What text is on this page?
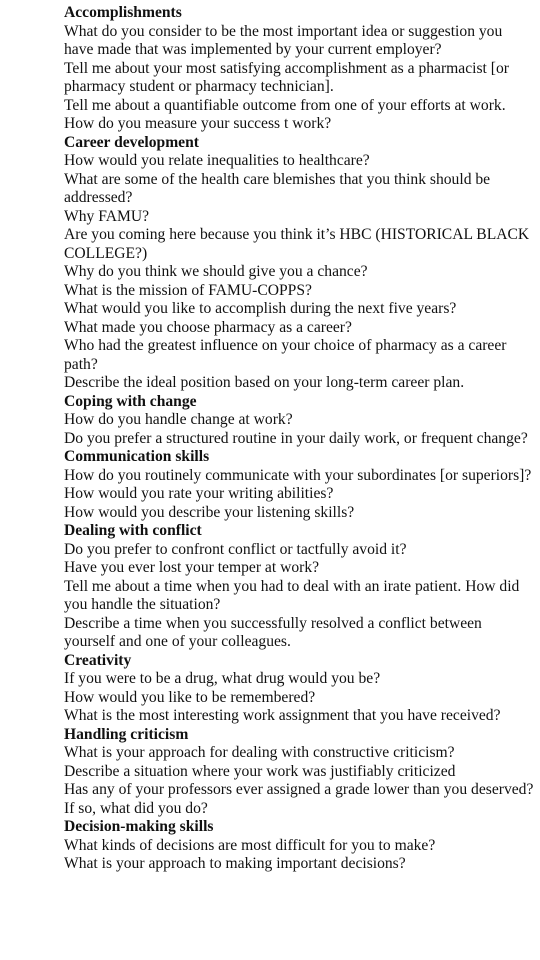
Accomplishments
What do you consider to be the most important idea or suggestion you have made that was implemented by your current employer?
Tell me about your most satisfying accomplishment as a pharmacist [or pharmacy student or pharmacy technician].
Tell me about a quantifiable outcome from one of your efforts at work.
How do you measure your success t work?
Career development
How would you relate inequalities to healthcare?
What are some of the health care blemishes that you think should be addressed?
Why FAMU?
Are you coming here because you think it’s HBC (HISTORICAL BLACK COLLEGE?)
Why do you think we should give you a chance?
What is the mission of FAMU-COPPS?
What would you like to accomplish during the next five years?
What made you choose pharmacy as a career?
Who had the greatest influence on your choice of pharmacy as a career path?
Describe the ideal position based on your long-term career plan.
Coping with change
How do you handle change at work?
Do you prefer a structured routine in your daily work, or frequent change?
Communication skills
How do you routinely communicate with your subordinates [or superiors]?
How would you rate your writing abilities?
How would you describe your listening skills?
Dealing with conflict
Do you prefer to confront conflict or tactfully avoid it?
Have you ever lost your temper at work?
Tell me about a time when you had to deal with an irate patient. How did you handle the situation?
Describe a time when you successfully resolved a conflict between yourself and one of your colleagues.
Creativity
If you were to be a drug, what drug would you be?
How would you like to be remembered?
What is the most interesting work assignment that you have received?
Handling criticism
What is your approach for dealing with constructive criticism?
Describe a situation where your work was justifiably criticized
Has any of your professors ever assigned a grade lower than you deserved? If so, what did you do?
Decision-making skills
What kinds of decisions are most difficult for you to make?
What is your approach to making important decisions?
